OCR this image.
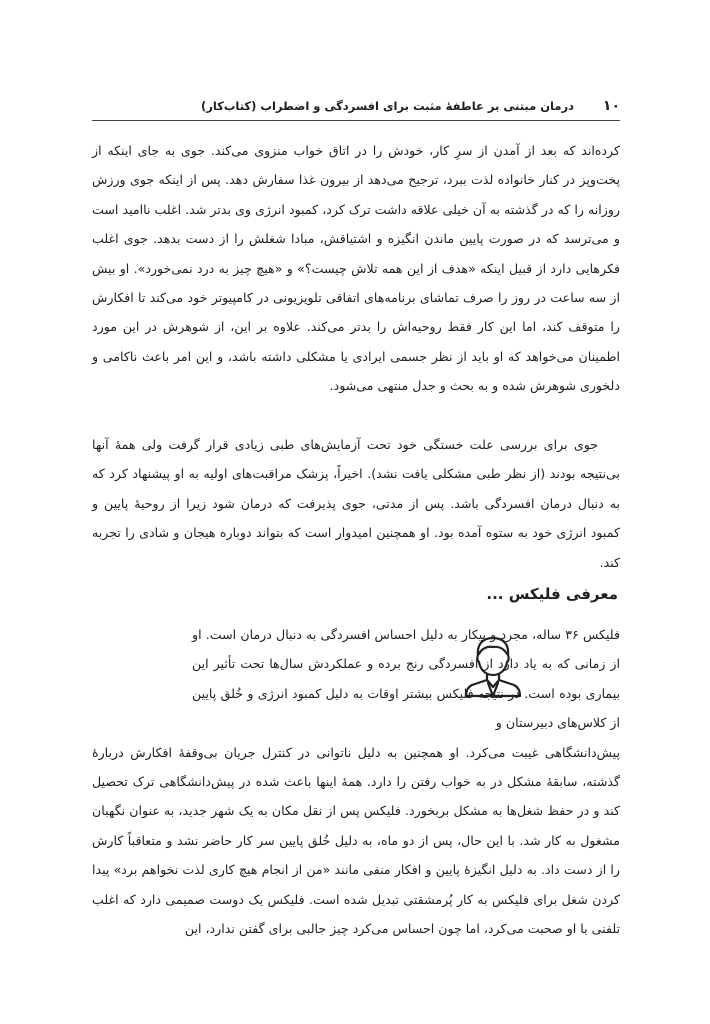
۱۰
درمان مبتنی بر عاطفهٔ مثبت برای افسردگی و اضطراب (کتاب‌کار)

کرده‌اند که بعد از آمدن از سرِ کار، خودش را در اتاق خواب منزوی می‌کند. جوی به جای اینکه از پخت‌وپز در کنار خانواده لذت ببرد، ترجیح می‌دهد از بیرون غذا سفارش دهد. پس از اینکه جوی ورزش روزانه را که در گذشته به آن خیلی علاقه داشت ترک کرد، کمبود انرژی وی بدتر شد. اغلب ناامید است و می‌ترسد که در صورت پایین ماندن انگیزه و اشتیاقش، مبادا شغلش را از دست بدهد. جوی اغلب فکرهایی دارد از قبیل اینکه «هدف از این همه تلاش چیست؟» و «هیچ چیز به درد نمی‌خورد». او بیش از سه ساعت در روز را صرف تماشای برنامه‌های اتفاقی تلویزیونی در کامپیوتر خود می‌کند تا افکارش را متوقف کند، اما این کار فقط روحیه‌اش را بدتر می‌کند. علاوه بر این، از شوهرش در این مورد اطمینان می‌خواهد که او باید از نظر جسمی ایرادی یا مشکلی داشته باشد، و این امر باعث ناکامی و دلخوری شوهرش شده و به بحث و جدل منتهی می‌شود.

جوی برای بررسی علت خستگی خود تحت آزمایش‌های طبی زیادی قرار گرفت ولی همهٔ آنها بی‌نتیجه بودند (از نظر طبی مشکلی یافت نشد). اخیراً، پزشک مراقبت‌های اولیه به او پیشنهاد کرد که به دنبال درمان افسردگی باشد. پس از مدتی، جوی پذیرفت که درمان شود زیرا از روحیهٔ پایین و کمبود انرژی خود به ستوه آمده بود. او همچنین امیدوار است که بتواند دوباره هیجان و شادی را تجربه کند.

معرفی فلیکس ...

فلیکس ۳۶ ساله، مجرد و بیکار به دلیل احساس افسردگی به دنبال درمان است. او از زمانی که به یاد دارد از افسردگی رنج برده و عملکردش سال‌ها تحت تأثیر این بیماری بوده است. در نتیجه فلیکس بیشتر اوقات به دلیل کمبود انرژی و خُلق پایین از کلاس‌های دبیرستان و

پیش‌دانشگاهی غیبت می‌کرد. او همچنین به دلیل ناتوانی در کنترل جریان بی‌وقفهٔ افکارش دربارهٔ گذشته، سابقهٔ مشکل در به خواب رفتن را دارد. همهٔ اینها باعث شده در پیش‌دانشگاهی ترک تحصیل کند و در حفظ شغل‌ها به مشکل بربخورد. فلیکس پس از نقل مکان به یک شهر جدید، به عنوان نگهبان مشغول به کار شد. با این حال، پس از دو ماه، به دلیل خُلق پایین سر کار حاضر نشد و متعاقباً کارش را از دست داد. به دلیل انگیزهٔ پایین و افکار منفی مانند «من از انجام هیچ کاری لذت نخواهم برد» پیدا کردن شغل برای فلیکس به کار پُرمشقتی تبدیل شده است. فلیکس یک دوست صمیمی دارد که اغلب تلفنی با او صحبت می‌کرد، اما چون احساس می‌کرد چیز جالبی برای گفتن ندارد، این
